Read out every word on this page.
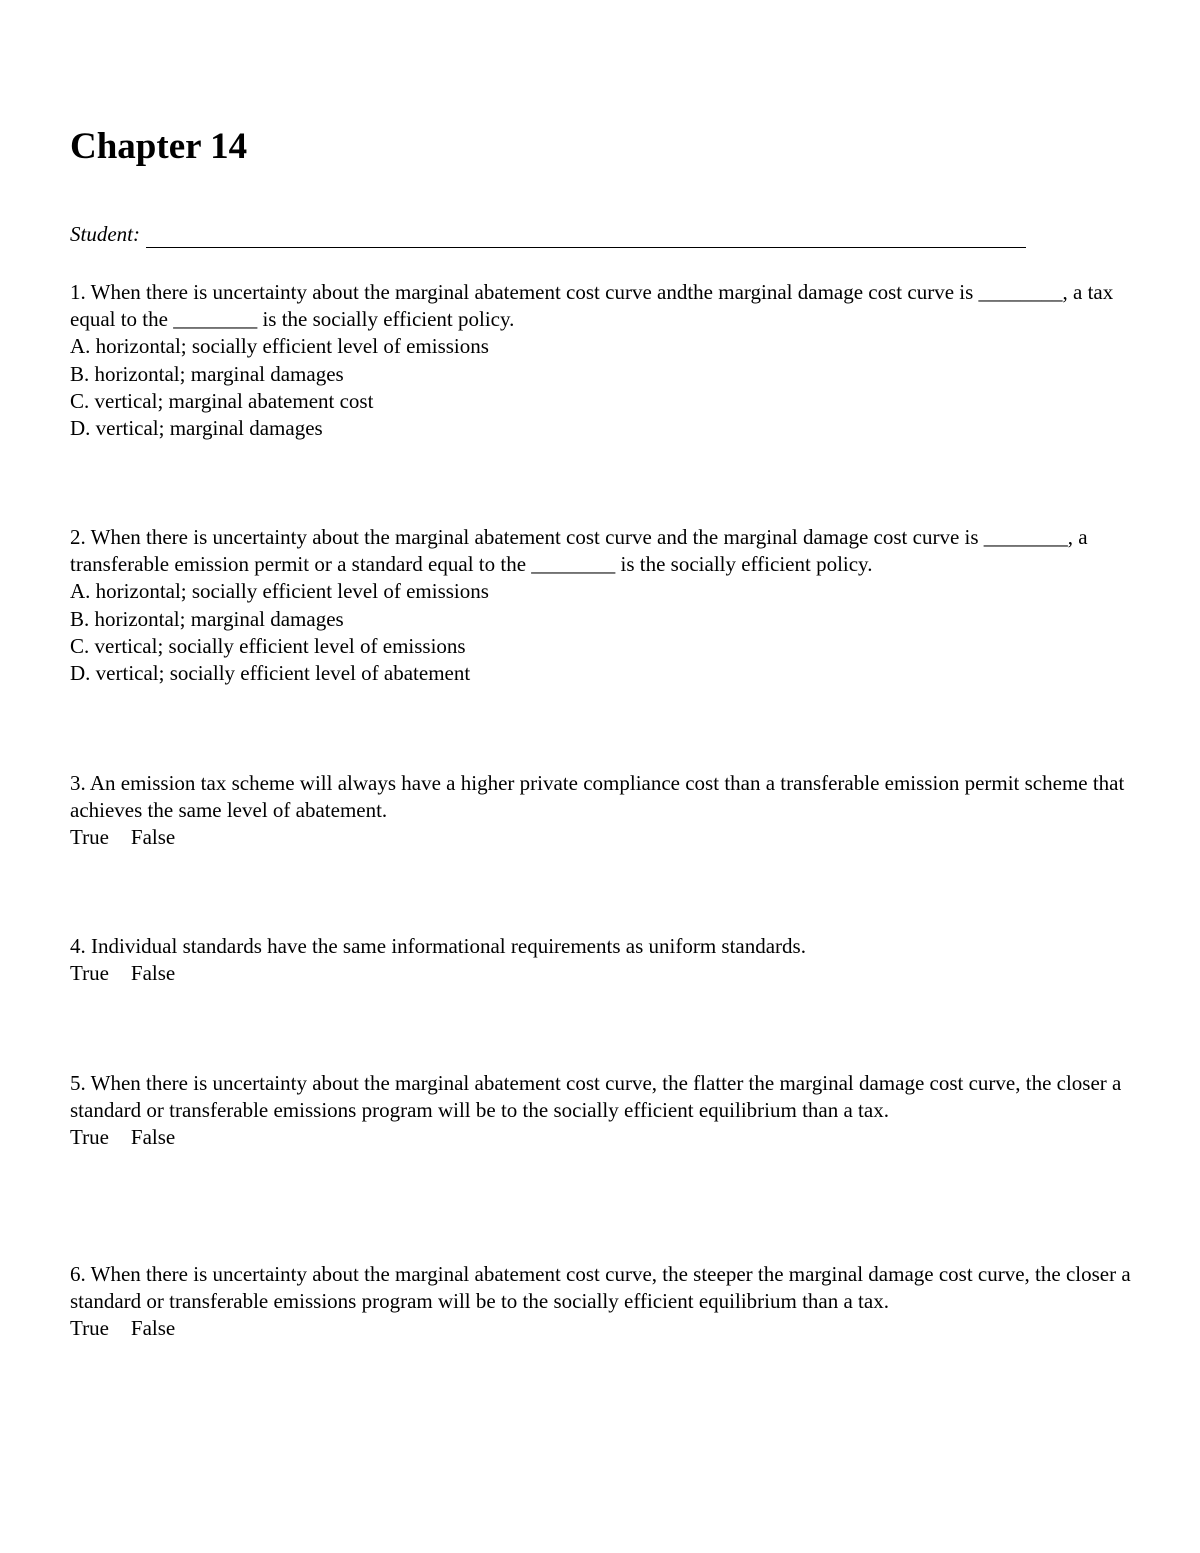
Chapter 14
Student:

1. When there is uncertainty about the marginal abatement cost curve andthe marginal damage cost curve is ________, a tax equal to the ________ is the socially efficient policy.

A. horizontal; socially efficient level of emissions

B. horizontal; marginal damages

C. vertical; marginal abatement cost

D. vertical; marginal damages

2. When there is uncertainty about the marginal abatement cost curve and the marginal damage cost curve is ________, a transferable emission permit or a standard equal to the ________ is the socially efficient policy.

A. horizontal; socially efficient level of emissions

B. horizontal; marginal damages

C. vertical; socially efficient level of emissions

D. vertical; socially efficient level of abatement

3. An emission tax scheme will always have a higher private compliance cost than a transferable emission permit scheme that achieves the same level of abatement.

True False

4. Individual standards have the same informational requirements as uniform standards.

True False

5. When there is uncertainty about the marginal abatement cost curve, the flatter the marginal damage cost curve, the closer a standard or transferable emissions program will be to the socially efficient equilibrium than a tax.

True False

6. When there is uncertainty about the marginal abatement cost curve, the steeper the marginal damage cost curve, the closer a standard or transferable emissions program will be to the socially efficient equilibrium than a tax.

True False
